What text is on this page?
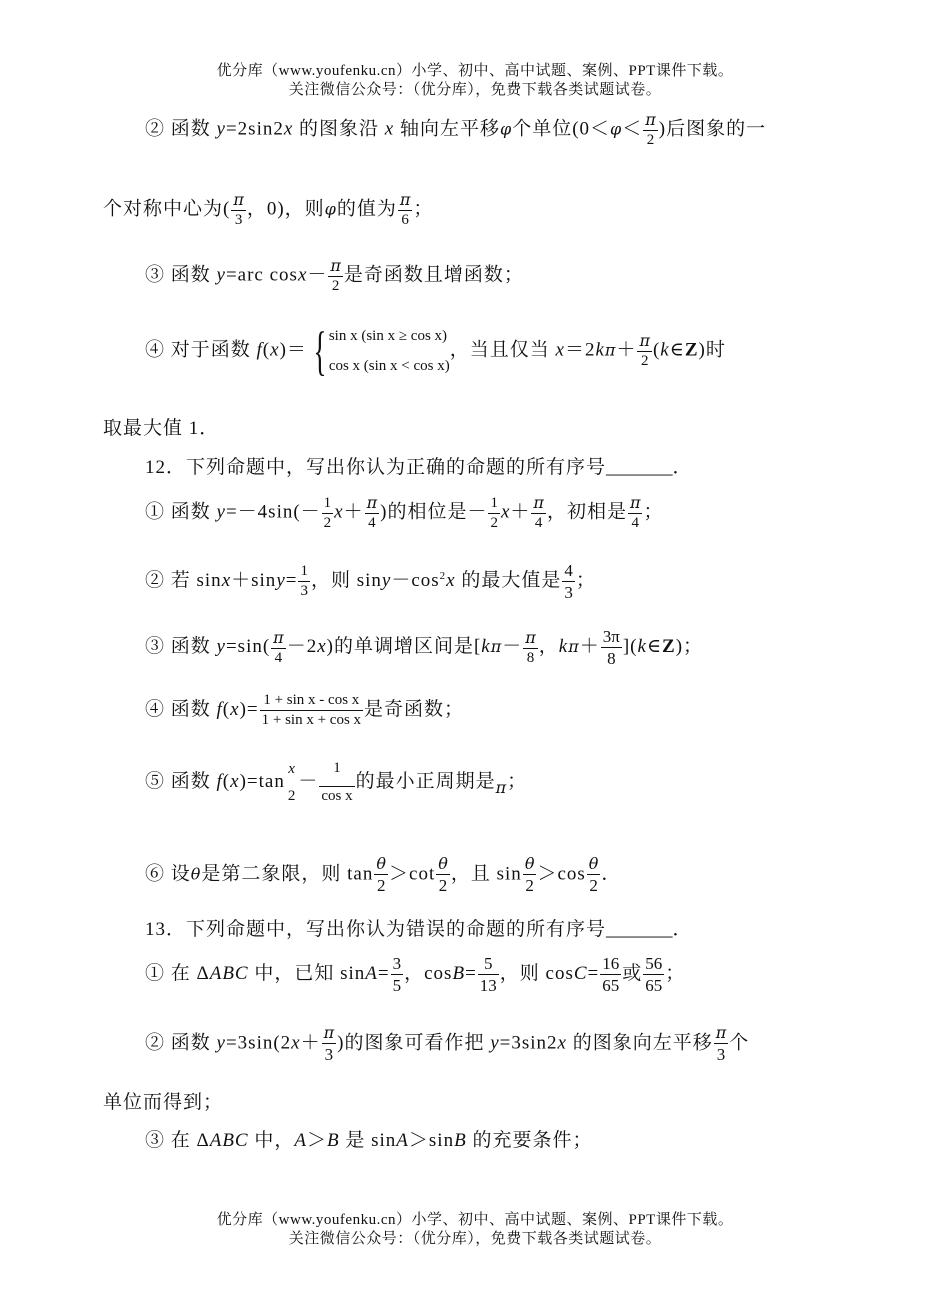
优分库（www.youfenku.cn）小学、初中、高中试题、案例、PPT课件下载。
关注微信公众号：（优分库），免费下载各类试题试卷。
② 函数 y=2sin2x 的图象沿 x 轴向左平移φ个单位($0<\varphi< \frac{\pi}{2}$ )后图象的一
个对称中心为( $\frac{\pi}{3}$ ，0)，则φ的值为 $\frac{\pi}{6}$ ；
③ 函数 y=arc $\cos x- \frac{\pi}{2}$ 是奇函数且增函数；
④ 对于函数 f(x)＝ { sin x (sin x ≥ cos x)
cos x (sin x < cos x)
，当且仅当 $x=2k\pi+ \frac{\pi}{2}$ (k∈Z)时
取最大值 1．
12．下列命题中，写出你认为正确的命题的所有序号_______．
① 函数 $y=-4\sin(- \frac{1}{2} x+ \frac{\pi}{4}$ )的相位是－ $\frac{1}{2} x+ \frac{\pi}{4}$ ，初相是 $\frac{\pi}{4}$ ；
② 若 $\sin x+\sin y= \frac{1}{3}$ ，则 $\sin y-\cos^2x$ 的最大值是 $\frac{4}{3}$ ；
③ 函数 $y=\sin( \frac{\pi}{4} -2x)$的单调增区间是[$k\pi- \frac{\pi}{8}$ ，$k\pi+ \frac{3\pi}{8}$ ](k∈Z)；
④ 函数 $f(x)= \frac{\text{1 + sin x - cos x}}{\text{1 + sin x + cos x}}$ 是奇函数；
⑤ 函数 f(x)=tan
x
2
－ $\frac{1}{\text{cos x}}$ 的最小正周期是$_\pi$；
⑥ 设θ是第二象限，则 $\tan \frac{\theta}{2} >\cot \frac{\theta}{2}$ ，且 $\sin \frac{\theta}{2} >\cos \frac{\theta}{2}$ ．
13．下列命题中，写出你认为错误的命题的所有序号_______．
① 在 ΔABC 中，已知 $\sin A= \frac{3}{5}$ ，$\cos B= \frac{5}{13}$ ，则 $\cos C= \frac{16}{65}$ 或 $\frac{56}{65}$ ；
② 函数 $y=3\sin(2x+ \frac{\pi}{3}$ )的图象可看作把 y=3sin2x 的图象向左平移 $\frac{\pi}{3}$ 个
单位而得到；
③ 在 ΔABC 中，A＞B 是 sinA＞sinB 的充要条件；
优分库（www.youfenku.cn）小学、初中、高中试题、案例、PPT课件下载。
关注微信公众号：（优分库），免费下载各类试题试卷。
